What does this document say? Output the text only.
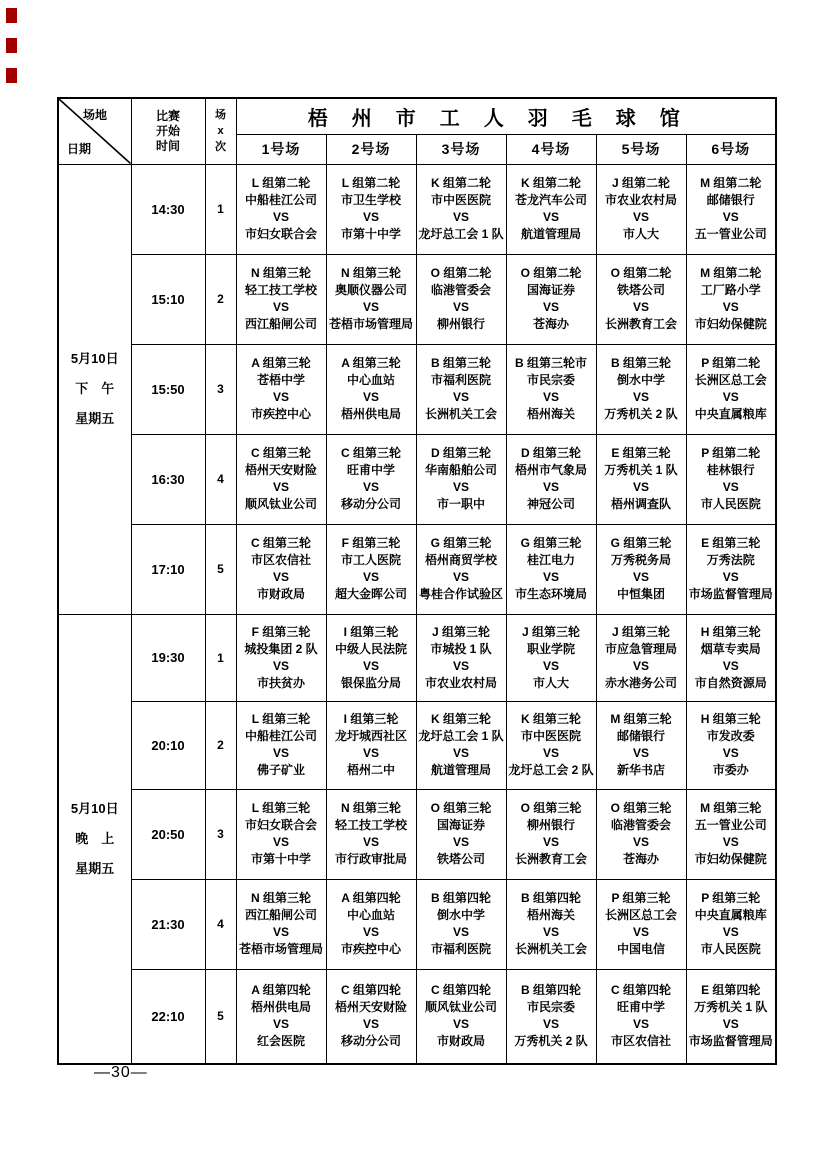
场地
日期

比赛
开始
时间

场
x
次
	梧州市工人羽毛球馆
			1号场	2号场	3号场	4号场	5号场	6号场

5月10日
下　午
星期五
	14:30	1	
L 组第二轮
中船桂江公司
VS
市妇女联合会

L 组第二轮
市卫生学校
VS
市第十中学

K 组第二轮
市中医医院
VS
龙圩总工会 1 队

K 组第二轮
苍龙汽车公司
VS
航道管理局

J 组第二轮
市农业农村局
VS
市人大

M 组第二轮
邮储银行
VS
五一管业公司

15:10	2	
N 组第三轮
轻工技工学校
VS
西江船闸公司

N 组第三轮
奥顺仪器公司
VS
苍梧市场管理局

O 组第二轮
临港管委会
VS
柳州银行

O 组第二轮
国海证券
VS
苍海办

O 组第二轮
铁塔公司
VS
长洲教育工会

M 组第二轮
工厂路小学
VS
市妇幼保健院

15:50	3	
A 组第三轮
苍梧中学
VS
市疾控中心

A 组第三轮
中心血站
VS
梧州供电局

B 组第三轮
市福利医院
VS
长洲机关工会

B 组第三轮市
市民宗委
VS
梧州海关

B 组第三轮
倒水中学
VS
万秀机关 2 队

P 组第二轮
长洲区总工会
VS
中央直属粮库

16:30	4	
C 组第三轮
梧州天安财险
VS
顺风钛业公司

C 组第三轮
旺甫中学
VS
移动分公司

D 组第三轮
华南船舶公司
VS
市一职中

D 组第三轮
梧州市气象局
VS
神冠公司

E 组第三轮
万秀机关 1 队
VS
梧州调查队

P 组第二轮
桂林银行
VS
市人民医院

17:10	5	
C 组第三轮
市区农信社
VS
市财政局

F 组第三轮
市工人医院
VS
超大金晖公司

G 组第三轮
梧州商贸学校
VS
粤桂合作试验区

G 组第三轮
桂江电力
VS
市生态环境局

G 组第三轮
万秀税务局
VS
中恒集团

E 组第三轮
万秀法院
VS
市场监督管理局

5月10日
晚　上
星期五
	19:30	1	
F 组第三轮
城投集团 2 队
VS
市扶贫办

I 组第三轮
中级人民法院
VS
银保监分局

J 组第三轮
市城投 1 队
VS
市农业农村局

J 组第三轮
职业学院
VS
市人大

J 组第三轮
市应急管理局
VS
赤水港务公司

H 组第三轮
烟草专卖局
VS
市自然资源局

20:10	2	
L 组第三轮
中船桂江公司
VS
佛子矿业

I 组第三轮
龙圩城西社区
VS
梧州二中

K 组第三轮
龙圩总工会 1 队
VS
航道管理局

K 组第三轮
市中医医院
VS
龙圩总工会 2 队

M 组第三轮
邮储银行
VS
新华书店

H 组第三轮
市发改委
VS
市委办

20:50	3	
L 组第三轮
市妇女联合会
VS
市第十中学

N 组第三轮
轻工技工学校
VS
市行政审批局

O 组第三轮
国海证券
VS
铁塔公司

O 组第三轮
柳州银行
VS
长洲教育工会

O 组第三轮
临港管委会
VS
苍海办

M 组第三轮
五一管业公司
VS
市妇幼保健院

21:30	4	
N 组第三轮
西江船闸公司
VS
苍梧市场管理局

A 组第四轮
中心血站
VS
市疾控中心

B 组第四轮
倒水中学
VS
市福利医院

B 组第四轮
梧州海关
VS
长洲机关工会

P 组第三轮
长洲区总工会
VS
中国电信

P 组第三轮
中央直属粮库
VS
市人民医院

22:10	5	
A 组第四轮
梧州供电局
VS
红会医院

C 组第四轮
梧州天安财险
VS
移动分公司

C 组第四轮
顺风钛业公司
VS
市财政局

B 组第四轮
市民宗委
VS
万秀机关 2 队

C 组第四轮
旺甫中学
VS
市区农信社

E 组第四轮
万秀机关 1 队
VS
市场监督管理局
—30—
